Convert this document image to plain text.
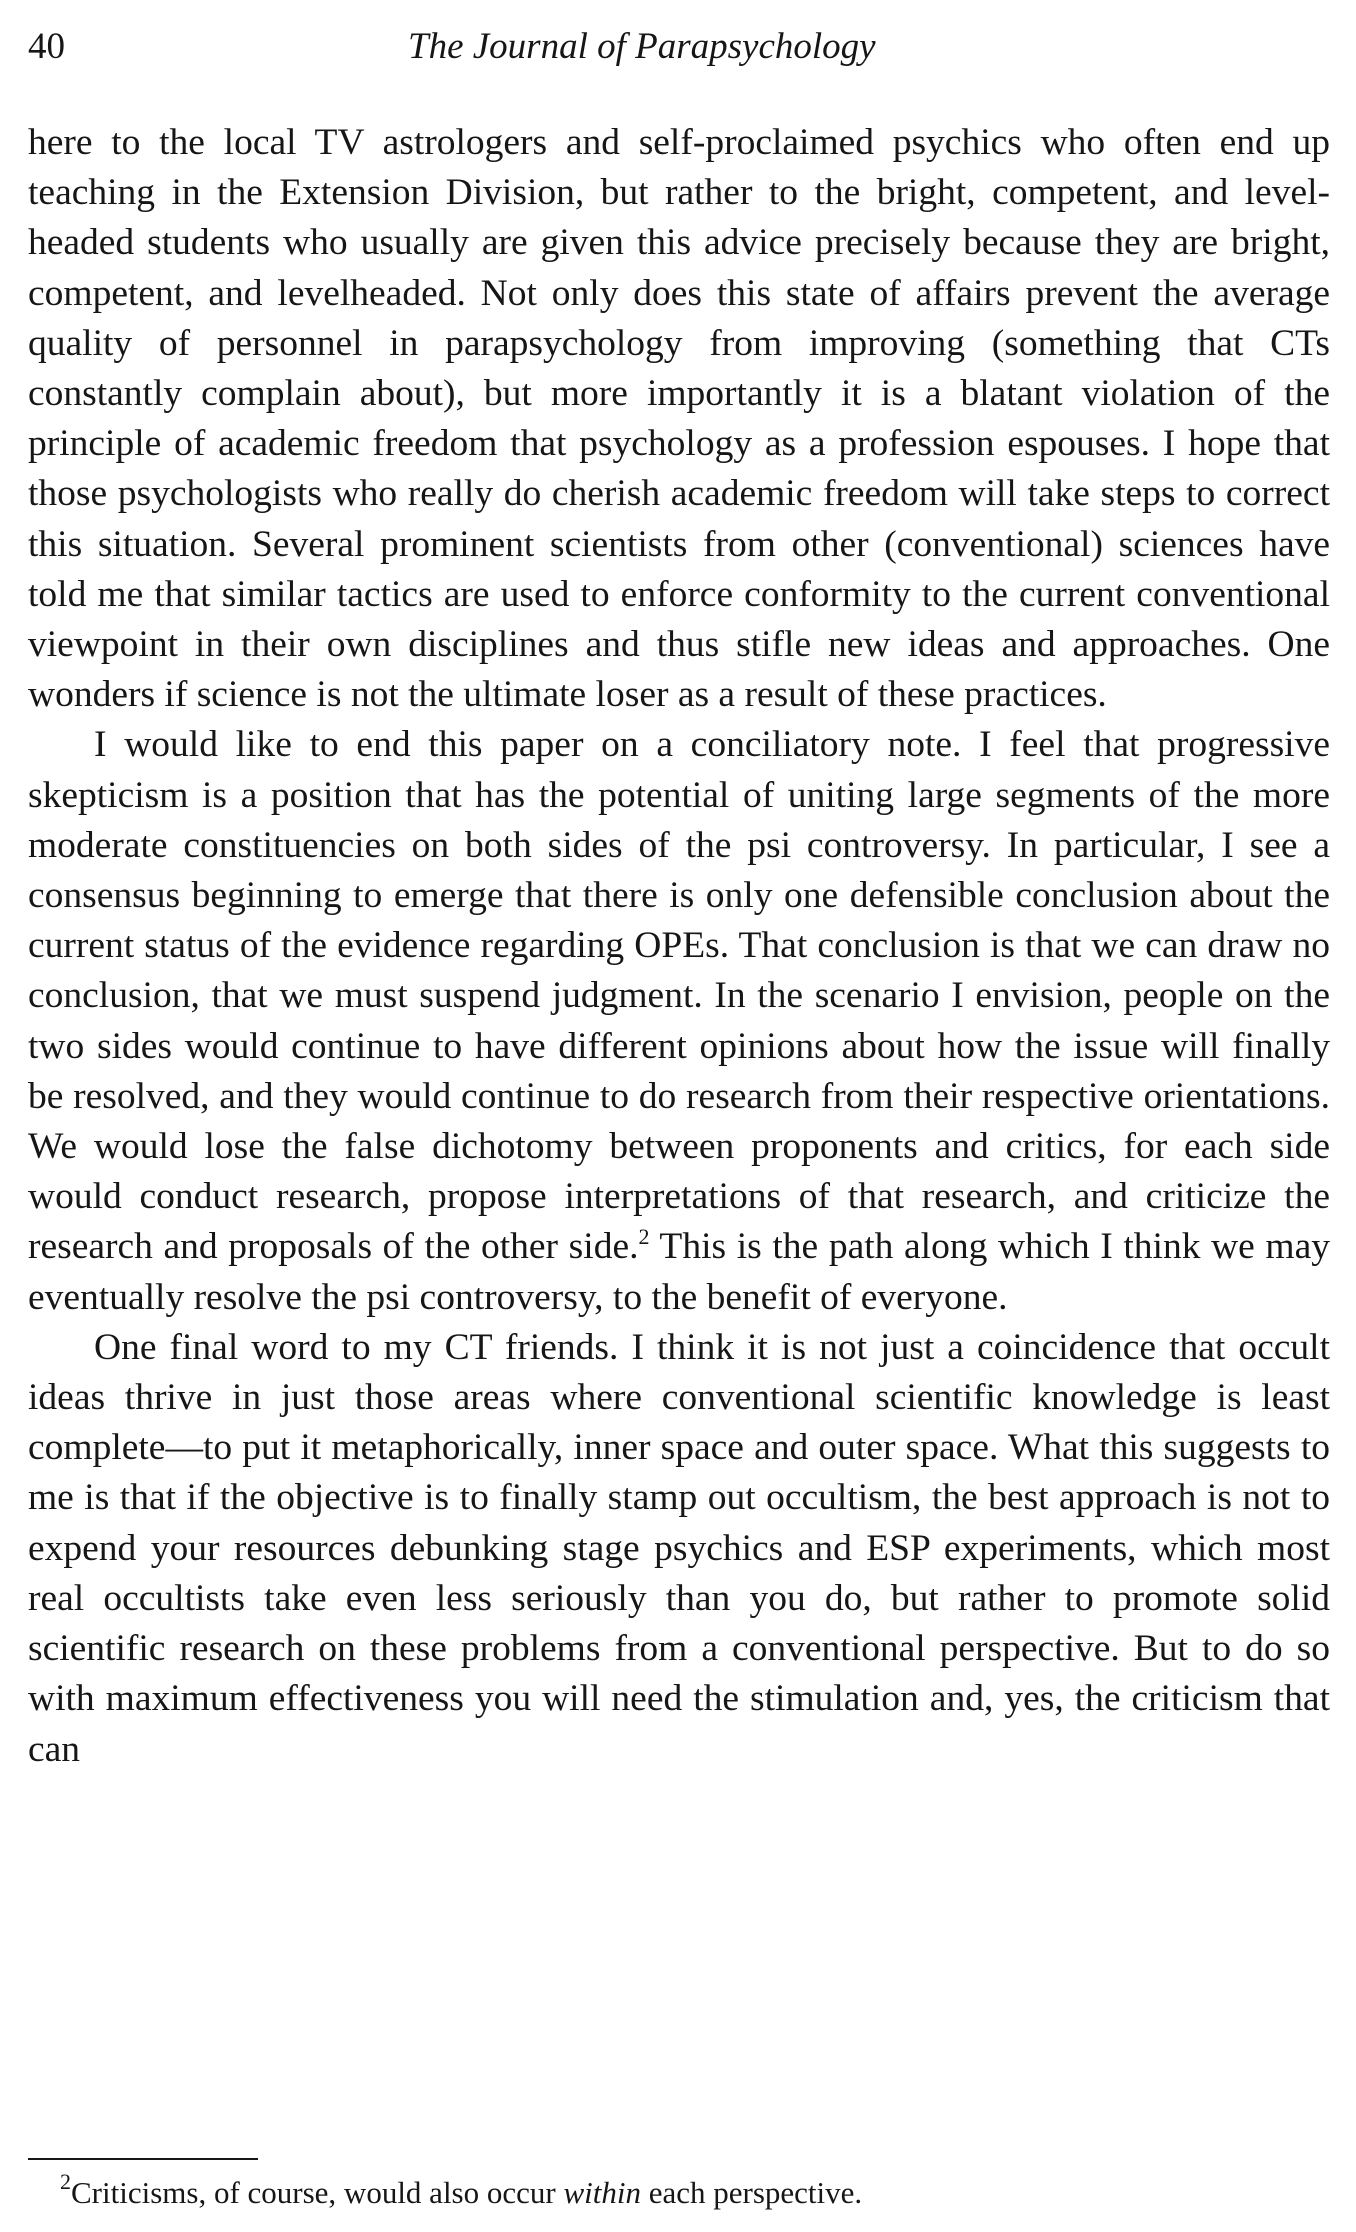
40	The Journal of Parapsychology

here to the local TV astrologers and self-proclaimed psychics who often end up teaching in the Extension Division, but rather to the bright, competent, and level-headed students who usually are given this advice precisely because they are bright, competent, and levelheaded. Not only does this state of affairs prevent the average quality of personnel in parapsychology from improving (something that CTs constantly complain about), but more importantly it is a blatant violation of the principle of academic freedom that psychology as a profession espouses. I hope that those psychologists who really do cherish academic freedom will take steps to correct this situation. Several prominent scientists from other (conventional) sciences have told me that similar tactics are used to enforce conformity to the current conventional viewpoint in their own disciplines and thus stifle new ideas and approaches. One wonders if science is not the ultimate loser as a result of these practices.

I would like to end this paper on a conciliatory note. I feel that progressive skepticism is a position that has the potential of uniting large segments of the more moderate constituencies on both sides of the psi controversy. In particular, I see a consensus beginning to emerge that there is only one defensible conclusion about the current status of the evidence regarding OPEs. That conclusion is that we can draw no conclusion, that we must suspend judgment. In the scenario I envision, people on the two sides would continue to have different opinions about how the issue will finally be resolved, and they would continue to do research from their respective orientations. We would lose the false dichotomy between proponents and critics, for each side would conduct research, propose interpretations of that research, and criticize the research and proposals of the other side.$^2$ This is the path along which I think we may eventually resolve the psi controversy, to the benefit of everyone.

One final word to my CT friends. I think it is not just a coincidence that occult ideas thrive in just those areas where conventional scientific knowledge is least complete—to put it metaphorically, inner space and outer space. What this suggests to me is that if the objective is to finally stamp out occultism, the best approach is not to expend your resources debunking stage psychics and ESP experiments, which most real occultists take even less seriously than you do, but rather to promote solid scientific research on these problems from a conventional perspective. But to do so with maximum effectiveness you will need the stimulation and, yes, the criticism that can

$^2$Criticisms, of course, would also occur within each perspective.
